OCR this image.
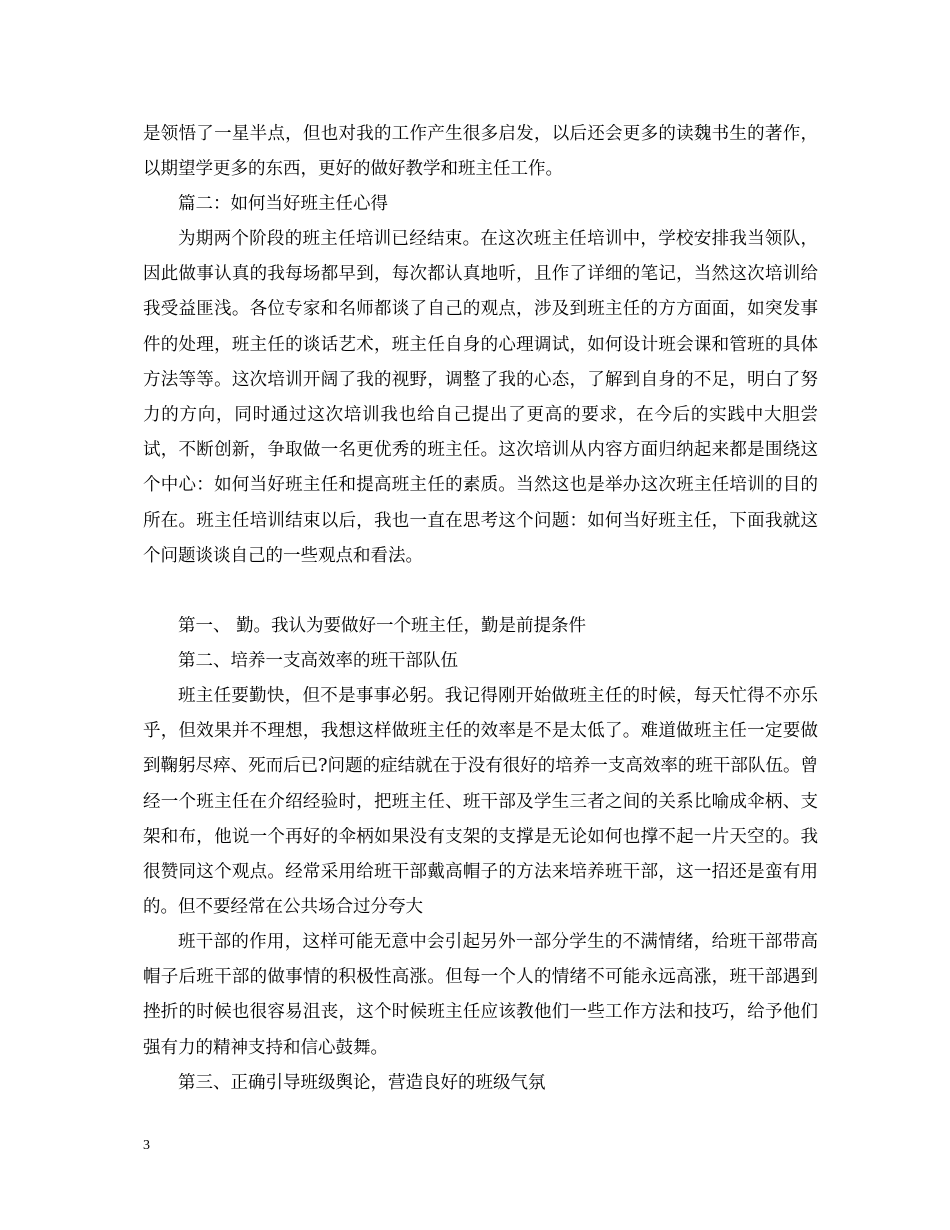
是领悟了一星半点，但也对我的工作产生很多启发，以后还会更多的读魏书生的著作，以期望学更多的东西，更好的做好教学和班主任工作。

篇二：如何当好班主任心得

为期两个阶段的班主任培训已经结束。在这次班主任培训中，学校安排我当领队，因此做事认真的我每场都早到，每次都认真地听，且作了详细的笔记，当然这次培训给我受益匪浅。各位专家和名师都谈了自己的观点，涉及到班主任的方方面面，如突发事件的处理，班主任的谈话艺术，班主任自身的心理调试，如何设计班会课和管班的具体方法等等。这次培训开阔了我的视野，调整了我的心态，了解到自身的不足，明白了努力的方向，同时通过这次培训我也给自己提出了更高的要求，在今后的实践中大胆尝试，不断创新，争取做一名更优秀的班主任。这次培训从内容方面归纳起来都是围绕这个中心：如何当好班主任和提高班主任的素质。当然这也是举办这次班主任培训的目的所在。班主任培训结束以后，我也一直在思考这个问题：如何当好班主任，下面我就这个问题谈谈自己的一些观点和看法。

第一、 勤。我认为要做好一个班主任，勤是前提条件

第二、培养一支高效率的班干部队伍

班主任要勤快，但不是事事必躬。我记得刚开始做班主任的时候，每天忙得不亦乐乎，但效果并不理想，我想这样做班主任的效率是不是太低了。难道做班主任一定要做到鞠躬尽瘁、死而后已?问题的症结就在于没有很好的培养一支高效率的班干部队伍。曾经一个班主任在介绍经验时，把班主任、班干部及学生三者之间的关系比喻成伞柄、支架和布，他说一个再好的伞柄如果没有支架的支撑是无论如何也撑不起一片天空的。我很赞同这个观点。经常采用给班干部戴高帽子的方法来培养班干部，这一招还是蛮有用的。但不要经常在公共场合过分夸大

班干部的作用，这样可能无意中会引起另外一部分学生的不满情绪，给班干部带高帽子后班干部的做事情的积极性高涨。但每一个人的情绪不可能永远高涨，班干部遇到挫折的时候也很容易沮丧，这个时候班主任应该教他们一些工作方法和技巧，给予他们强有力的精神支持和信心鼓舞。

第三、正确引导班级舆论，营造良好的班级气氛

3
